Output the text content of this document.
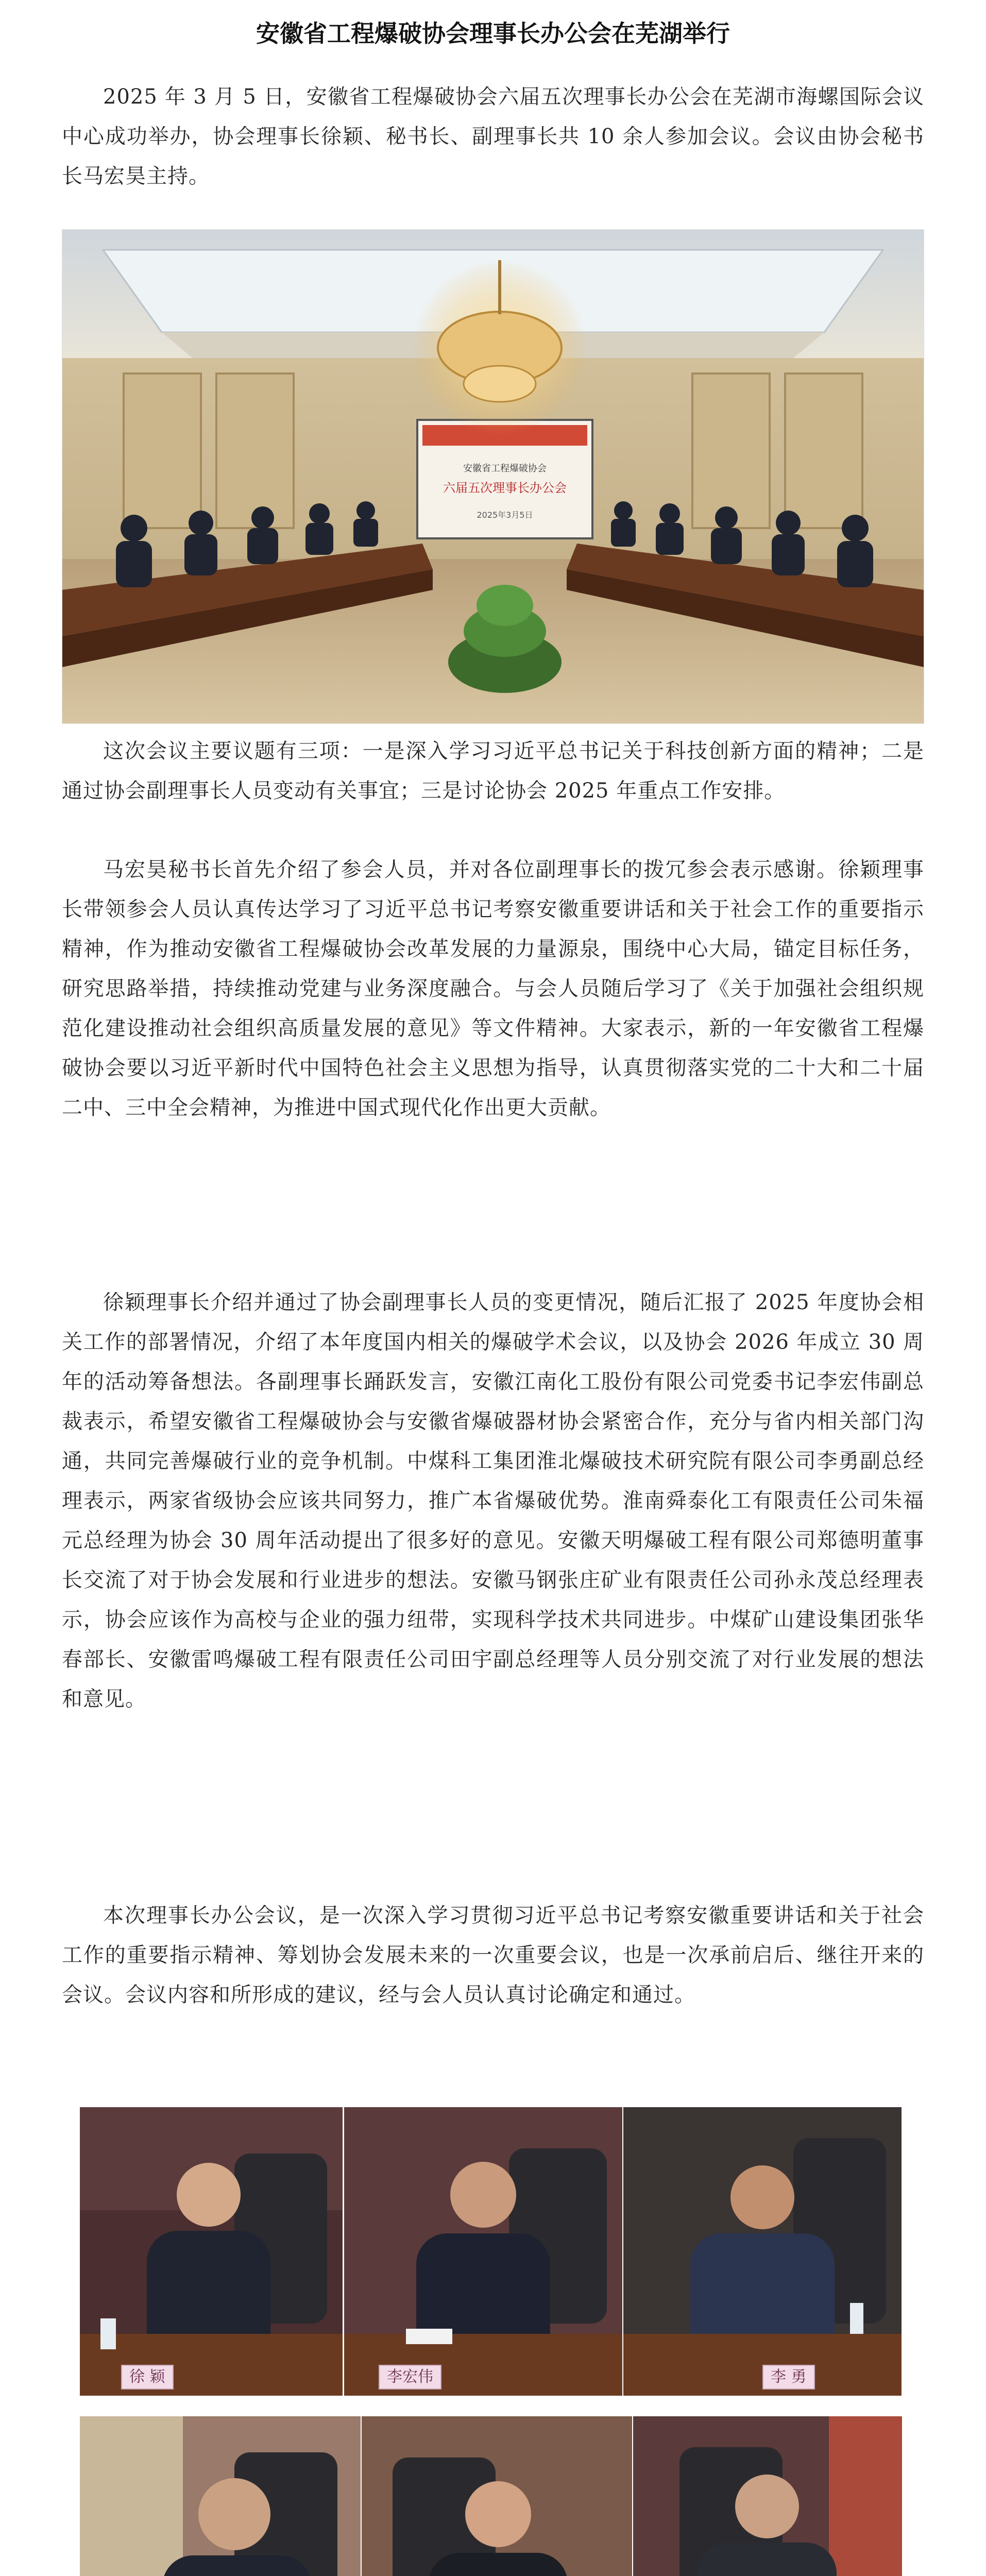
安徽省工程爆破协会理事长办公会在芜湖举行

2025 年 3 月 5 日，安徽省工程爆破协会六届五次理事长办公会在芜湖市海螺国际会议中心成功举办，协会理事长徐颖、秘书长、副理事长共 10 余人参加会议。会议由协会秘书长马宏昊主持。

安徽省工程爆破协会
六届五次理事长办公会
2025年3月5日

这次会议主要议题有三项：一是深入学习习近平总书记关于科技创新方面的精神；二是通过协会副理事长人员变动有关事宜；三是讨论协会 2025 年重点工作安排。

马宏昊秘书长首先介绍了参会人员，并对各位副理事长的拨冗参会表示感谢。徐颖理事长带领参会人员认真传达学习了习近平总书记考察安徽重要讲话和关于社会工作的重要指示精神，作为推动安徽省工程爆破协会改革发展的力量源泉，围绕中心大局，锚定目标任务，研究思路举措，持续推动党建与业务深度融合。与会人员随后学习了《关于加强社会组织规范化建设推动社会组织高质量发展的意见》等文件精神。大家表示，新的一年安徽省工程爆破协会要以习近平新时代中国特色社会主义思想为指导，认真贯彻落实党的二十大和二十届二中、三中全会精神，为推进中国式现代化作出更大贡献。

徐颖理事长介绍并通过了协会副理事长人员的变更情况，随后汇报了 2025 年度协会相关工作的部署情况，介绍了本年度国内相关的爆破学术会议，以及协会 2026 年成立 30 周年的活动筹备想法。各副理事长踊跃发言，安徽江南化工股份有限公司党委书记李宏伟副总裁表示，希望安徽省工程爆破协会与安徽省爆破器材协会紧密合作，充分与省内相关部门沟通，共同完善爆破行业的竞争机制。中煤科工集团淮北爆破技术研究院有限公司李勇副总经理表示，两家省级协会应该共同努力，推广本省爆破优势。淮南舜泰化工有限责任公司朱福元总经理为协会 30 周年活动提出了很多好的意见。安徽天明爆破工程有限公司郑德明董事长交流了对于协会发展和行业进步的想法。安徽马钢张庄矿业有限责任公司孙永茂总经理表示，协会应该作为高校与企业的强力纽带，实现科学技术共同进步。中煤矿山建设集团张华春部长、安徽雷鸣爆破工程有限责任公司田宇副总经理等人员分别交流了对行业发展的想法和意见。

本次理事长办公会议，是一次深入学习贯彻习近平总书记考察安徽重要讲话和关于社会工作的重要指示精神、筹划协会发展未来的一次重要会议，也是一次承前启后、继往开来的会议。会议内容和所形成的建议，经与会人员认真讨论确定和通过。

徐 颖	李宏伟	李 勇
